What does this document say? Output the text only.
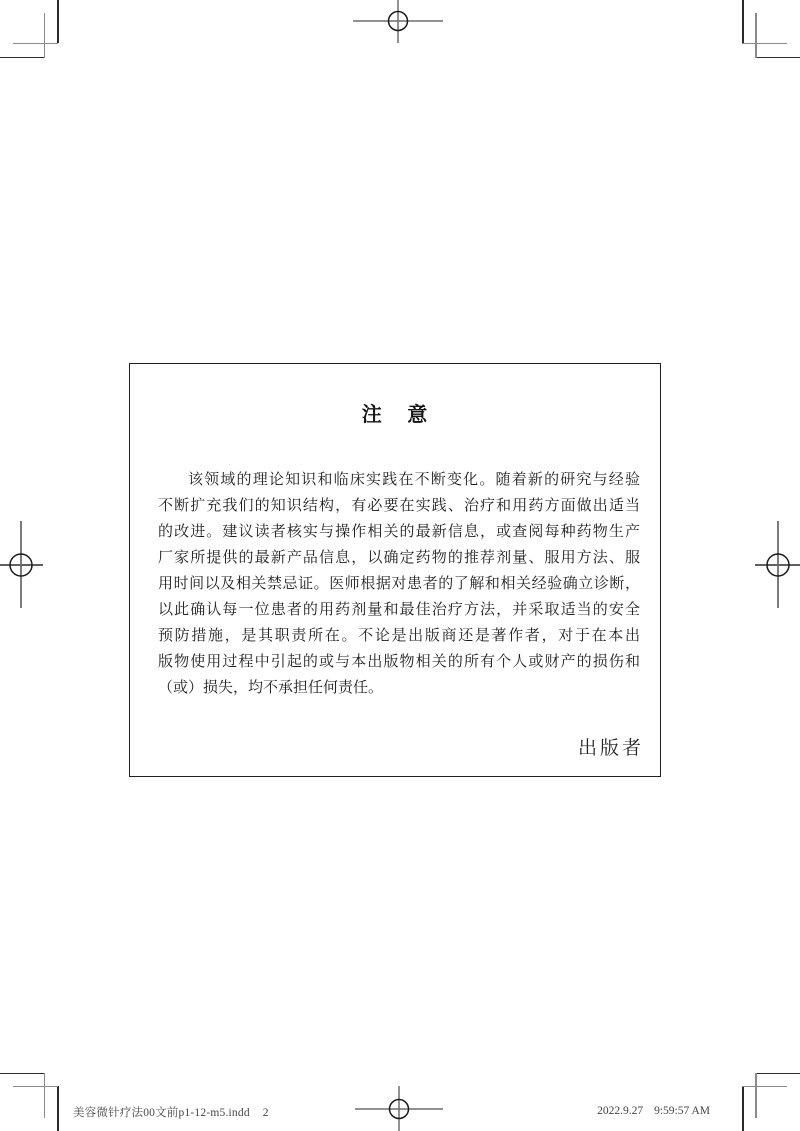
注 意
该领域的理论知识和临床实践在不断变化。随着新的研究与经验
不断扩充我们的知识结构，有必要在实践、治疗和用药方面做出适当
的改进。建议读者核实与操作相关的最新信息，或查阅每种药物生产
厂家所提供的最新产品信息，以确定药物的推荐剂量、服用方法、服
用时间以及相关禁忌证。医师根据对患者的了解和相关经验确立诊断，
以此确认每一位患者的用药剂量和最佳治疗方法，并采取适当的安全
预防措施，是其职责所在。不论是出版商还是著作者，对于在本出
版物使用过程中引起的或与本出版物相关的所有个人或财产的损伤和
（或）损失，均不承担任何责任。
出版者
美容微针疗法00文前p1-12-m5.indd 2	2022.9.27 9:59:57 AM
